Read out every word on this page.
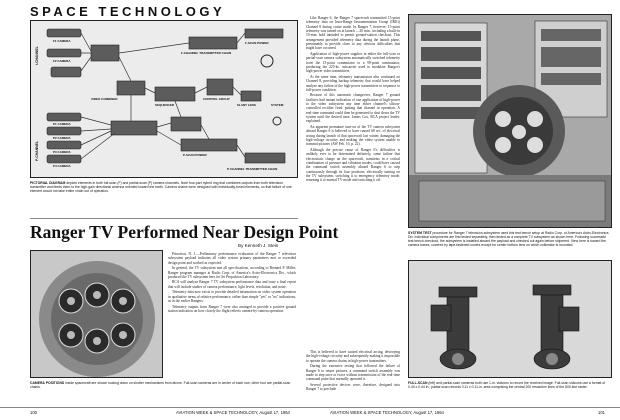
SPACE TECHNOLOGY
I-CHANNEL
P-CHANNEL
F1 CAMERA
F2 CAMERA
F-CHANNEL TRANSMITTER CHAIN
F-SCAN POWER
VIDEO COMBINER
SEQUENCER
CONTROL GROUP
SLANT LENS	SYSTEM
P1 CAMERA
P2 CAMERA
P3 CAMERA
P4 CAMERA
P-SCAN POWER
P-CHANNEL TRANSMITTER CHAIN
PICTORIAL DIAGRAM depicts elements in both full-scan (F) and partial-scan (P) camera channels. Note four-part hybrid ring that combines outputs from both television transmitter and feeds them to the high-gain directional antenna oriented toward the earth. Camera chains were designed with individually-fused elements, so that failure of one element would not take entire chain out of operation.
Ranger TV Performed Near Design Point
By Kenneth J. Stein
CAMERA POSITIONS inside spacecraft are shown looking down on shutter mechanisms from above. Full-scan cameras are in center of each row; other four are partial-scan chains.

Princeton, N. J.—Preliminary performance evaluation of the Ranger 7 television subsystem payload indicates all video system primary parameters met or exceeded design point and worked as expected.

In general, the TV subsystem met all specifications, according to Bernard P. Miller, Ranger program manager at Radio Corp. of America's Astro-Electronics Div., which produced the TV subsystem here for Jet Propulsion Laboratory.

RCA will analyze Ranger 7 TV subsystem performance data and issue a final report that will include studies of camera performance, light levels, resolution, and noise.

Telemetry data now exists to provide detailed information on video system operation in qualitative terms of relative performance, rather than simple "yes" or "no" indications, as in the earlier Rangers.

Telemetry outputs from Ranger 7 were also arranged to provide a positive ground station indication on how closely the flight reflects camera-by-camera operation.

Like Ranger 6, the Ranger 7 spacecraft transmitted 15-point telemetry data on Intra-Range Instrumentation Group (IRIG) Channel 8 during cruise mode. In Ranger 7, however, 15-point telemetry was turned on at launch —30 min., including a built-in 10-min. hold intended to permit ground-station checkout. This arrangement provided telemetry data during the launch phase, presumably to provide clues to any obvious difficulties that might have occurred.

Application of high-power supplies in either the full-scan or partial-scan camera subsystem automatically switched telemetry from the 15-point commutator to a 90-point commutator, producing the 225-kc. subcarrier used to modulate Ranger's high-power video transmitters.

At the same time, telemetry transmission also continued on Channel 8, providing backup telemetry that would have helped analyze any failure of the high-power transmitters to sequence to full-power condition.

Because of this automatic changeover, Ranger 7 ground facilities had instant indication of one application of high-power to the video subsystem any time either channel's silicon-controlled rectifier fired, putting that channel in operation. A real-time command could then be generated to shut down the TV system until the desired time, James Cox, RCA project leader, explained.

An apparent premature turn-on of the TV camera subsystem aboard Ranger 6 is believed to have caused 68 sec. of electrical arcing during launch of that spacecraft last winter, damaging the high-voltage circuitry and making the video system unable to transmit pictures (AW Feb. 10, p. 22).

Although the precise cause of Ranger 6's difficulties is unlikely ever to be determined definitely, some failure that electrostatic charge on the spacecraft, transients in a critical combination of pressure and vibration modes, could have caused the command switch assembly aboard Ranger 6 to step continuously through its four positions, electrically turning on the TV subsystem, switching it to emergency telemetry mode, returning it to normal TV mode and switching it off.

This is believed to have caused electrical arcing, destroying the high-voltage circuitry and subsequently making it impossible to operate the camera chains in high-power transmitters.

During the extensive testing that followed the failure of Ranger 6 to return pictures, a command switch assembly was made to step once or twice without transmission of the real-time command pulse that normally operated it.

Several protective devices were, therefore, designed into Ranger 7 to preclude

SYSTEM TEST procedure for Ranger 7 television subsystem used this test bench setup at Radio Corp. of America's Astro-Electronics Div. Individual components are first tested separately, then tested as a complete TV subsystem as shown here. Following successful test bench checkout, the subsystem is installed aboard the payload and checked out again before shipment. View here is toward the camera bases, covered by tape-fastened covers except for center bottom lens on which collimator is mounted.
FULL-SCAN (left) and partial-scan cameras both use 1-in. vidicons to record the received image. Full-scan vidicons use a format of 0.44 x 0.44 in.; partial scan records 0.11 x 0.11-in. area comprising the central 200 resolution lines of the 800-line raster.
100	AVIATION WEEK & SPACE TECHNOLOGY, August 17, 1964	AVIATION WEEK & SPACE TECHNOLOGY, August 17, 1964	101
